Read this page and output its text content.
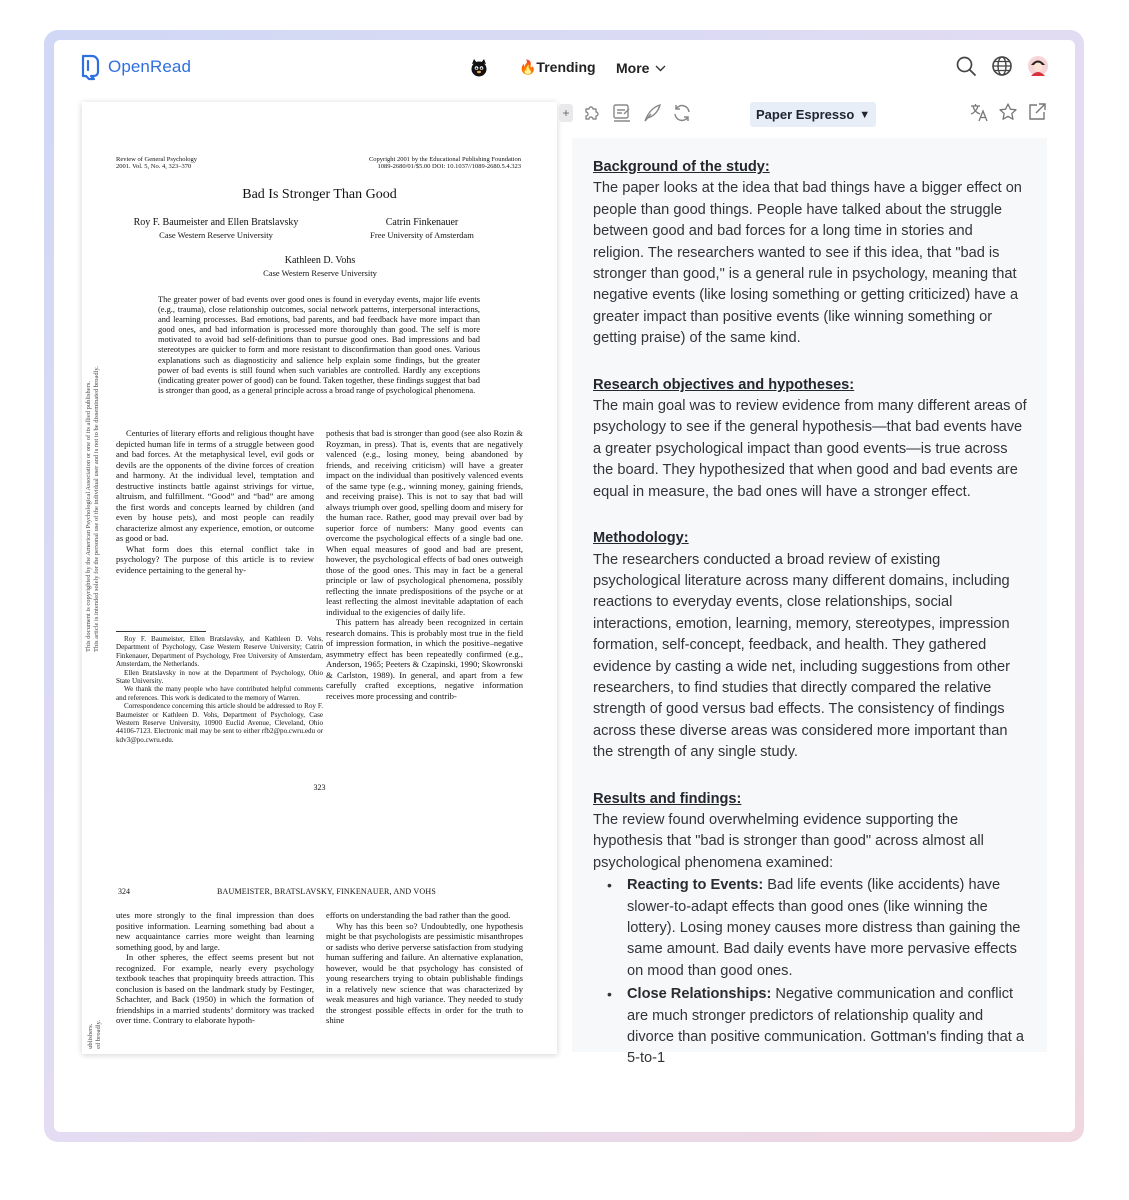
OpenRead	🔥Trending More
Review of General Psychology
2001. Vol. 5, No. 4, 323–370
Copyright 2001 by the Educational Publishing Foundation
1089-2680/01/$5.00 DOI: 10.1037//1089-2680.5.4.323
Bad Is Stronger Than Good
Roy F. Baumeister and Ellen Bratslavsky
Case Western Reserve University
Catrin Finkenauer
Free University of Amsterdam
Kathleen D. Vohs
Case Western Reserve University
The greater power of bad events over good ones is found in everyday events, major life events (e.g., trauma), close relationship outcomes, social network patterns, interpersonal interactions, and learning processes. Bad emotions, bad parents, and bad feedback have more impact than good ones, and bad information is processed more thoroughly than good. The self is more motivated to avoid bad self-definitions than to pursue good ones. Bad impressions and bad stereotypes are quicker to form and more resistant to disconfirmation than good ones. Various explanations such as diagnosticity and salience help explain some findings, but the greater power of bad events is still found when such variables are controlled. Hardly any exceptions (indicating greater power of good) can be found. Taken together, these findings suggest that bad is stronger than good, as a general principle across a broad range of psychological phenomena.
This document is copyrighted by the American Psychological Association or one of its allied publishers. This article is intended solely for the personal use of the individual user and is not to be disseminated broadly.	Centuries of literary efforts and religious thought have depicted human life in terms of a struggle between good and bad forces. At the metaphysical level, evil gods or devils are the opponents of the divine forces of creation and harmony. At the individual level, temptation and destructive instincts battle against strivings for virtue, altruism, and fulfillment. “Good” and “bad” are among the first words and concepts learned by children (and even by house pets), and most people can readily characterize almost any experience, emotion, or outcome as good or bad.

What form does this eternal conflict take in psychology? The purpose of this article is to review evidence pertaining to the general hy-

Roy F. Baumeister, Ellen Bratslavsky, and Kathleen D. Vohs, Department of Psychology, Case Western Reserve University; Catrin Finkenauer, Department of Psychology, Free University of Amsterdam, Amsterdam, the Netherlands.

Ellen Bratslavsky in now at the Department of Psychology, Ohio State University.

We thank the many people who have contributed helpful comments and references. This work is dedicated to the memory of Warren.

Correspondence concerning this article should be addressed to Roy F. Baumeister or Kathleen D. Vohs, Department of Psychology, Case Western Reserve University, 10900 Euclid Avenue, Cleveland, Ohio 44106-7123. Electronic mail may be sent to either rfb2@po.cwru.edu or kdv3@po.cwru.edu.

pothesis that bad is stronger than good (see also Rozin & Royzman, in press). That is, events that are negatively valenced (e.g., losing money, being abandoned by friends, and receiving criticism) will have a greater impact on the individual than positively valenced events of the same type (e.g., winning money, gaining friends, and receiving praise). This is not to say that bad will always triumph over good, spelling doom and misery for the human race. Rather, good may prevail over bad by superior force of numbers: Many good events can overcome the psychological effects of a single bad one. When equal measures of good and bad are present, however, the psychological effects of bad ones outweigh those of the good ones. This may in fact be a general principle or law of psychological phenomena, possibly reflecting the innate predispositions of the psyche or at least reflecting the almost inevitable adaptation of each individual to the exigencies of daily life.

This pattern has already been recognized in certain research domains. This is probably most true in the field of impression formation, in which the positive–negative asymmetry effect has been repeatedly confirmed (e.g., Anderson, 1965; Peeters & Czapinski, 1990; Skowronski & Carlston, 1989). In general, and apart from a few carefully crafted exceptions, negative information receives more processing and contrib-

323
324	BAUMEISTER, BRATSLAVSKY, FINKENAUER, AND VOHS

utes more strongly to the final impression than does positive information. Learning something bad about a new acquaintance carries more weight than learning something good, by and large.

In other spheres, the effect seems present but not recognized. For example, nearly every psychology textbook teaches that propinquity breeds attraction. This conclusion is based on the landmark study by Festinger, Schachter, and Back (1950) in which the formation of friendships in a married students’ dormitory was tracked over time. Contrary to elaborate hypoth-

efforts on understanding the bad rather than the good.

Why has this been so? Undoubtedly, one hypothesis might be that psychologists are pessimistic misanthropes or sadists who derive perverse satisfaction from studying human suffering and failure. An alternative explanation, however, would be that psychology has consisted of young researchers trying to obtain publishable findings in a relatively new science that was characterized by weak measures and high variance. They needed to study the strongest possible effects in order for the truth to shine

ublishers. ed broadly.
+	Paper Espresso ▼
Background of the study:
The paper looks at the idea that bad things have a bigger effect on people than good things. People have talked about the struggle between good and bad forces for a long time in stories and religion. The researchers wanted to see if this idea, that "bad is stronger than good," is a general rule in psychology, meaning that negative events (like losing something or getting criticized) have a greater impact than positive events (like winning something or getting praise) of the same kind.
Research objectives and hypotheses:
The main goal was to review evidence from many different areas of psychology to see if the general hypothesis—that bad events have a greater psychological impact than good events—is true across the board. They hypothesized that when good and bad events are equal in measure, the bad ones will have a stronger effect.
Methodology:
The researchers conducted a broad review of existing psychological literature across many different domains, including reactions to everyday events, close relationships, social interactions, emotion, learning, memory, stereotypes, impression formation, self-concept, feedback, and health. They gathered evidence by casting a wide net, including suggestions from other researchers, to find studies that directly compared the relative strength of good versus bad effects. The consistency of findings across these diverse areas was considered more important than the strength of any single study.
Results and findings:
The review found overwhelming evidence supporting the hypothesis that "bad is stronger than good" across almost all psychological phenomena examined:
• Reacting to Events: Bad life events (like accidents) have slower-to-adapt effects than good ones (like winning the lottery). Losing money causes more distress than gaining the same amount. Bad daily events have more pervasive effects on mood than good ones.
• Close Relationships: Negative communication and conflict are much stronger predictors of relationship quality and divorce than positive communication. Gottman's finding that a 5-to-1
